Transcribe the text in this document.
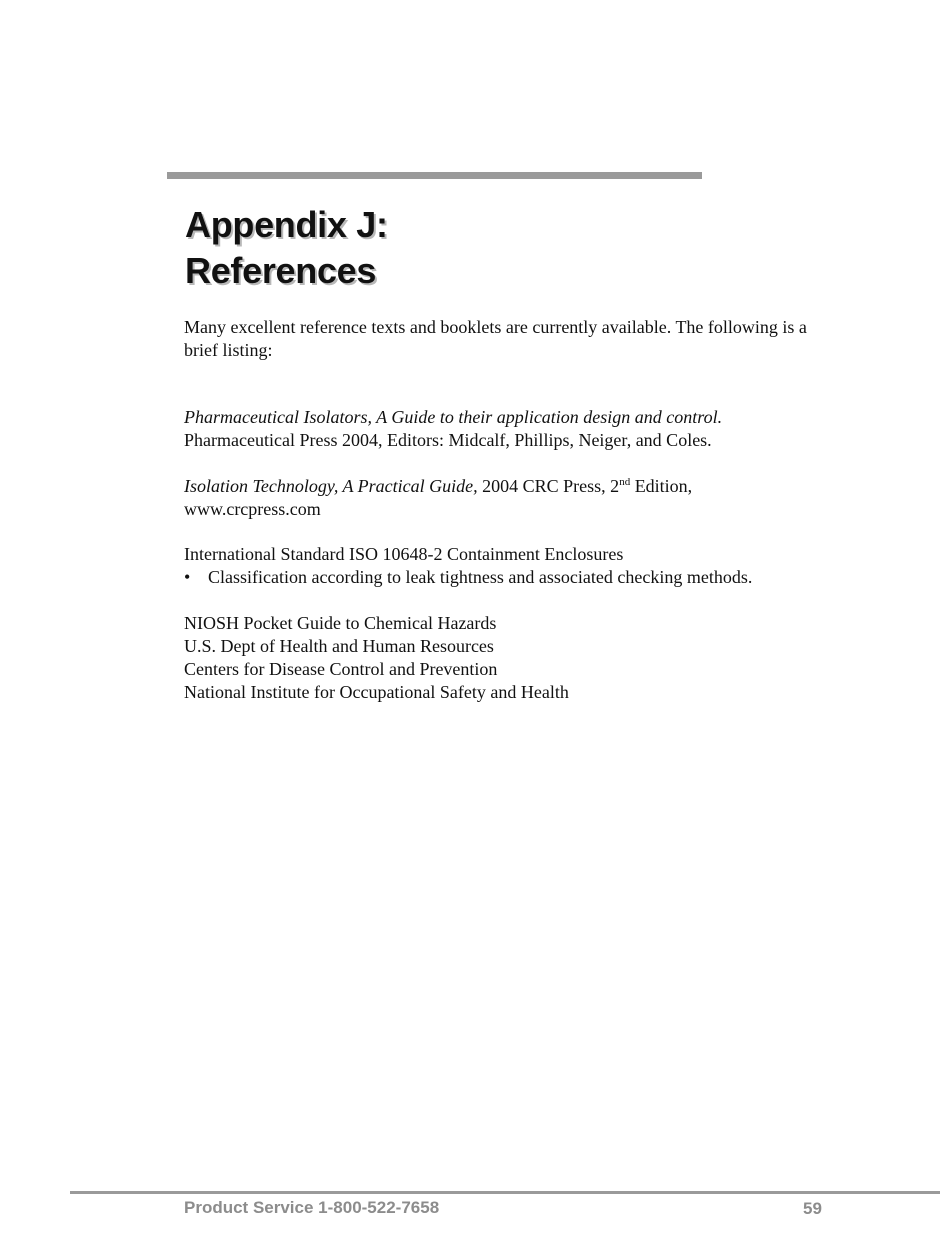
Appendix J:
References

Many excellent reference texts and booklets are currently available. The following is a brief listing:

Pharmaceutical Isolators, A Guide to their application design and control.
Pharmaceutical Press 2004, Editors: Midcalf, Phillips, Neiger, and Coles.
Isolation Technology, A Practical Guide, 2004 CRC Press, 2nd Edition,
www.crcpress.com
International Standard ISO 10648-2 Containment Enclosures
• Classification according to leak tightness and associated checking methods.
NIOSH Pocket Guide to Chemical Hazards
U.S. Dept of Health and Human Resources
Centers for Disease Control and Prevention
National Institute for Occupational Safety and Health
Product Service 1-800-522-7658	59
